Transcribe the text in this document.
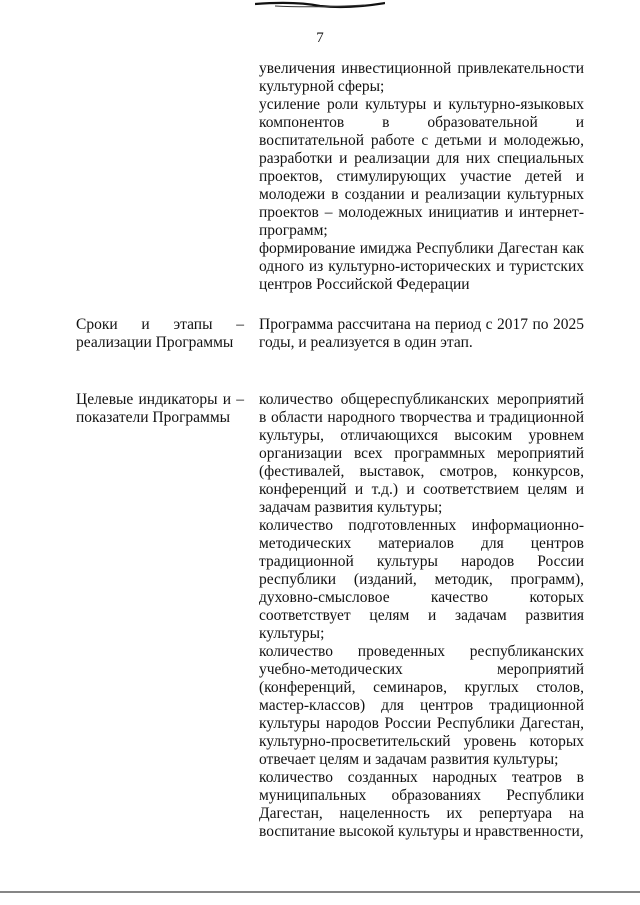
7

увеличения инвестиционной привлекательности культурной сферы;

усиление роли культуры и культурно-языковых компонентов в образовательной и воспитательной работе с детьми и молодежью, разработки и реализации для них специальных проектов, стимулирующих участие детей и молодежи в создании и реализации культурных проектов – молодежных инициатив и интернет-программ;

формирование имиджа Республики Дагестан как одного из культурно-исторических и туристских центров Российской Федерации

Сроки и этапы –
реализации Программы

Программа рассчитана на период с 2017 по 2025 годы, и реализуется в один этап.

Целевые индикаторы и –
показатели Программы

количество общереспубликанских мероприятий в области народного творчества и традиционной культуры, отличающихся высоким уровнем организации всех программных мероприятий (фестивалей, выставок, смотров, конкурсов, конференций и т.д.) и соответствием целям и задачам развития культуры;

количество подготовленных информационно-методических материалов для центров традиционной культуры народов России республики (изданий, методик, программ), духовно-смысловое качество которых соответствует целям и задачам развития культуры;

количество проведенных республиканских учебно-методических мероприятий (конференций, семинаров, круглых столов, мастер-классов) для центров традиционной культуры народов России Республики Дагестан, культурно-просветительский уровень которых отвечает целям и задачам развития культуры;

количество созданных народных театров в муниципальных образованиях Республики Дагестан, нацеленность их репертуара на воспитание высокой культуры и нравственности,
